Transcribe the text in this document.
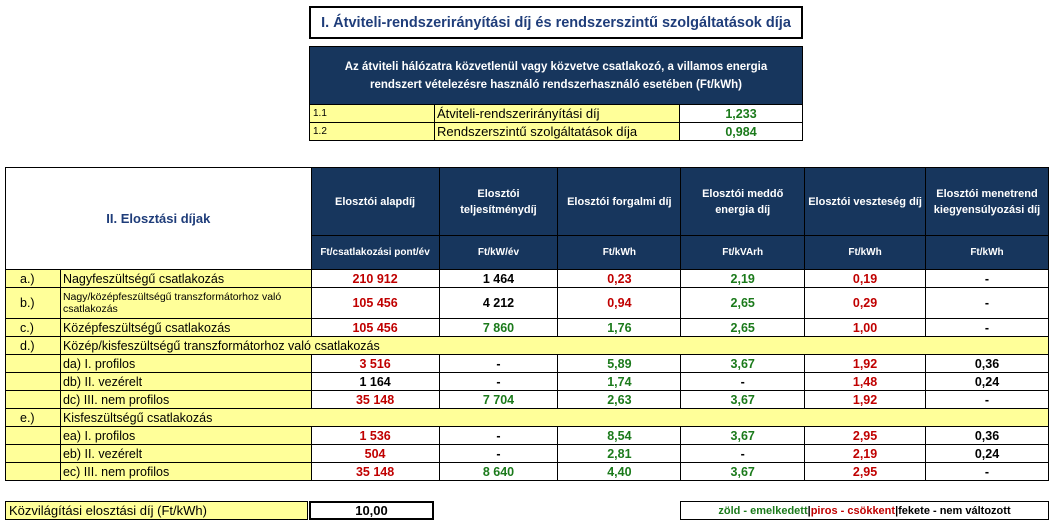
I. Átviteli-rendszerirányítási díj és rendszerszintű szolgáltatások díja
Az átviteli hálózatra közvetlenül vagy közvetve csatlakozó, a villamos energia rendszert vételezésre használó rendszerhasználó esetében (Ft/kWh)		
1.1	Átviteli-rendszerirányítási díj	1,233
1.2	Rendszerszintű szolgáltatások díja	0,984
II. Elosztási díjak		Elosztói alapdíj	Elosztói teljesítménydíj	Elosztói forgalmi díj	Elosztói meddő energia díj	Elosztói veszteség díj	Elosztói menetrend kiegyensúlyozási díj
		Ft/csatlakozási pont/év	Ft/kW/év	Ft/kWh	Ft/kVArh	Ft/kWh	Ft/kWh
a.)	Nagyfeszültségű csatlakozás	210 912	1 464	0,23	2,19	0,19	-
b.)	Nagy/középfeszültségű transzformátorhoz való csatlakozás	105 456	4 212	0,94	2,65	0,29	-
c.)	Középfeszültségű csatlakozás	105 456	7 860	1,76	2,65	1,00	-
d.)	Közép/kisfeszültségű transzformátorhoz való csatlakozás						
	da) I. profilos	3 516	-	5,89	3,67	1,92	0,36
	db) II. vezérelt	1 164	-	1,74	-	1,48	0,24
	dc) III. nem profilos	35 148	7 704	2,63	3,67	1,92	-
e.)	Kisfeszültségű csatlakozás						
	ea) I. profilos	1 536	-	8,54	3,67	2,95	0,36
	eb) II. vezérelt	504	-	2,81	-	2,19	0,24
	ec) III. nem profilos	35 148	8 640	4,40	3,67	2,95	-
Közvilágítási elosztási díj (Ft/kWh)	10,00	zöld - emelkedett | piros - csökkent | fekete - nem változott
